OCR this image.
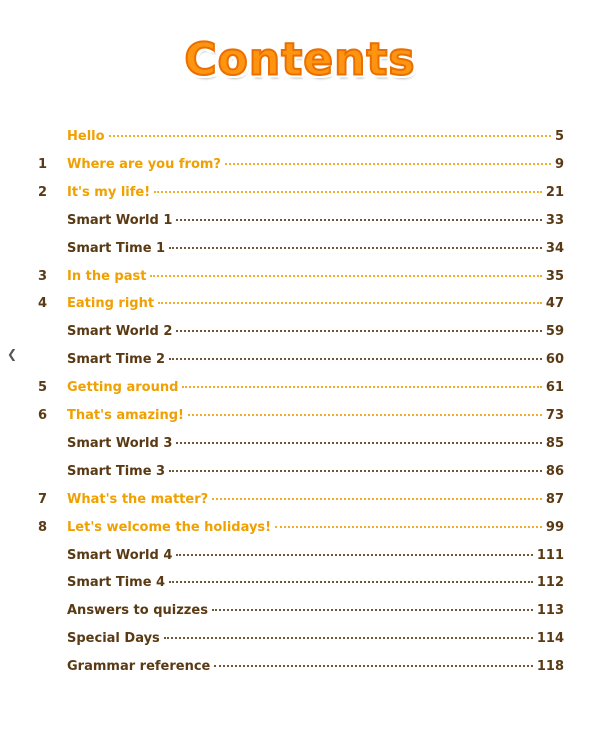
Contents
Hello	5
1	Where are you from?	9
2	It's my life!	21
Smart World 1	33
Smart Time 1	34
3	In the past	35
4	Eating right	47
Smart World 2	59
Smart Time 2	60
5	Getting around	61
6	That's amazing!	73
Smart World 3	85
Smart Time 3	86
7	What's the matter?	87
8	Let's welcome the holidays!	99
Smart World 4	111
Smart Time 4	112
Answers to quizzes	113
Special Days	114
Grammar reference	118
❮
